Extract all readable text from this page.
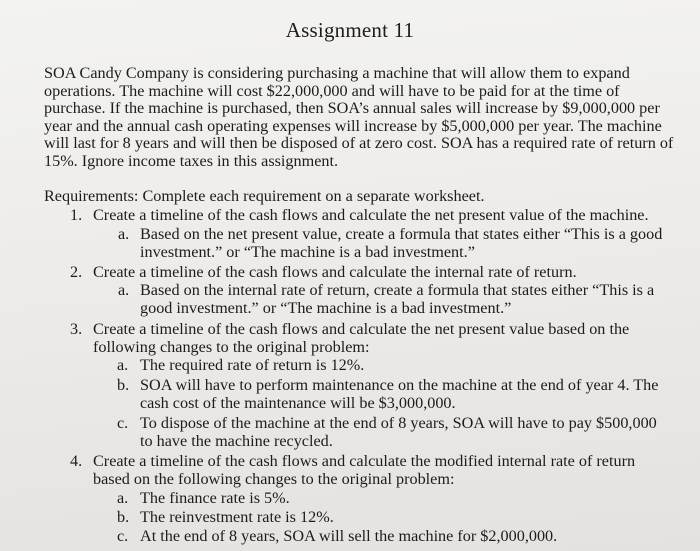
Assignment 11
SOA Candy Company is considering purchasing a machine that will allow them to expand operations. The machine will cost $22,000,000 and will have to be paid for at the time of purchase. If the machine is purchased, then SOA’s annual sales will increase by $9,000,000 per year and the annual cash operating expenses will increase by $5,000,000 per year. The machine will last for 8 years and will then be disposed of at zero cost. SOA has a required rate of return of 15%. Ignore income taxes in this assignment.
Requirements: Complete each requirement on a separate worksheet.
1. Create a timeline of the cash flows and calculate the net present value of the machine.
a. Based on the net present value, create a formula that states either “This is a good
investment.” or “The machine is a bad investment.”
2. Create a timeline of the cash flows and calculate the internal rate of return.
a. Based on the internal rate of return, create a formula that states either “This is a
good investment.” or “The machine is a bad investment.”
3. Create a timeline of the cash flows and calculate the net present value based on the
following changes to the original problem:
a. The required rate of return is 12%.
b. SOA will have to perform maintenance on the machine at the end of year 4. The
cash cost of the maintenance will be $3,000,000.
c. To dispose of the machine at the end of 8 years, SOA will have to pay $500,000
to have the machine recycled.
4. Create a timeline of the cash flows and calculate the modified internal rate of return
based on the following changes to the original problem:
a. The finance rate is 5%.
b. The reinvestment rate is 12%.
c. At the end of 8 years, SOA will sell the machine for $2,000,000.
